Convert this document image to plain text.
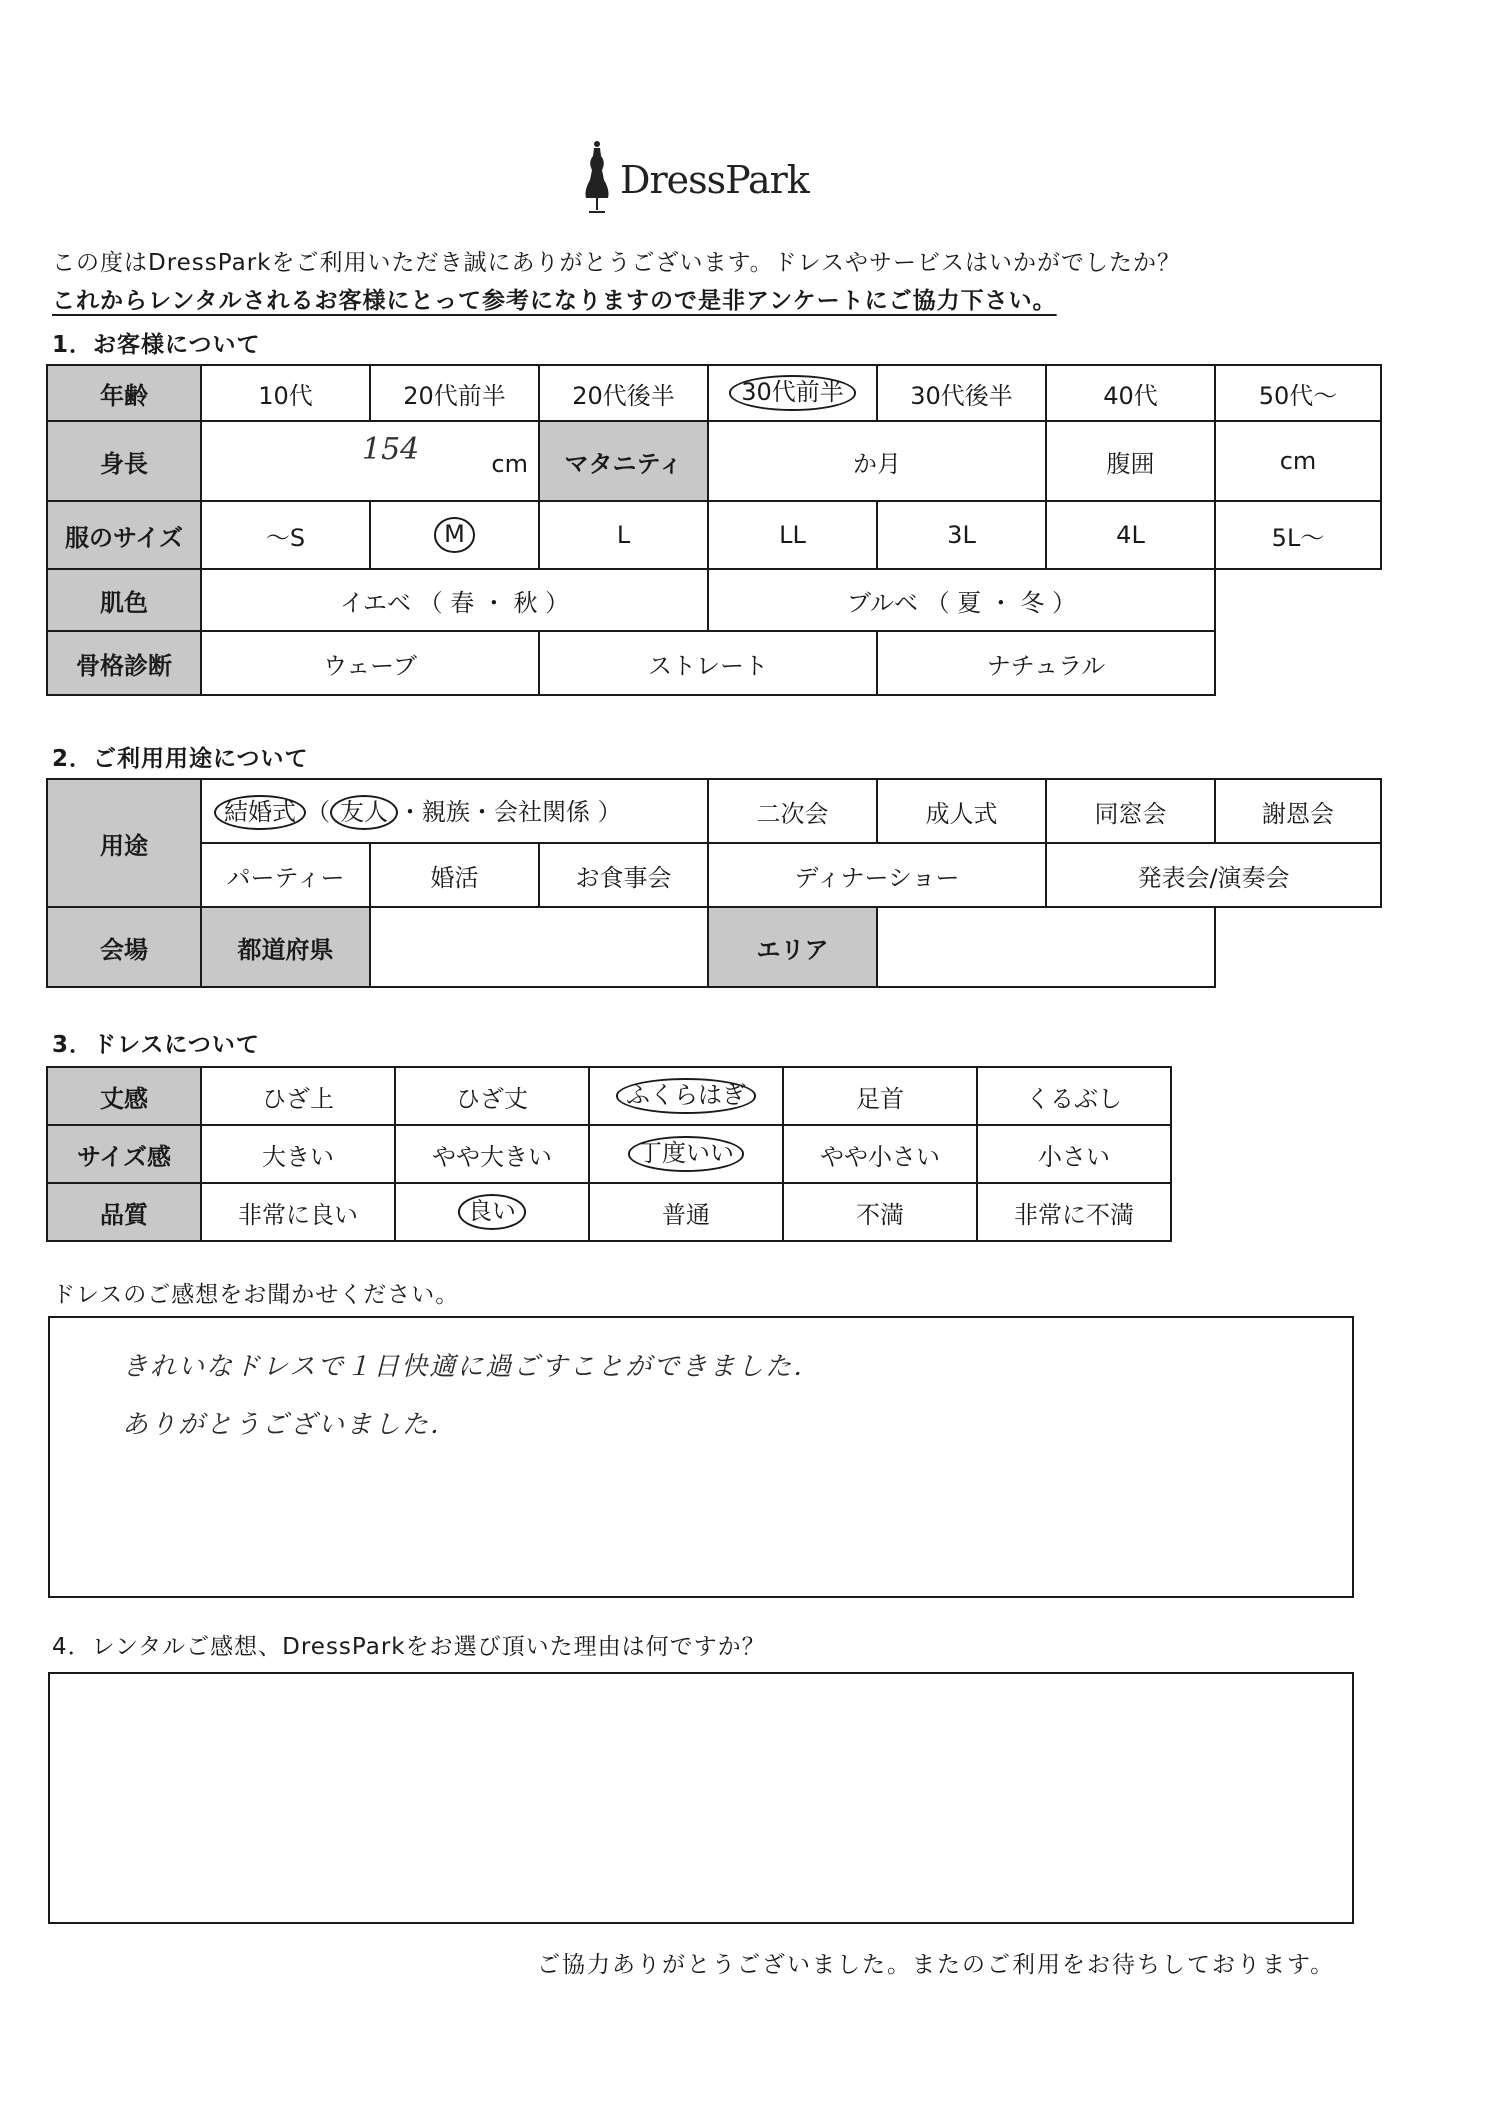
DressPark
この度はDressParkをご利用いただき誠にありがとうございます。ドレスやサービスはいかがでしたか？
これからレンタルされるお客様にとって参考になりますので是非アンケートにご協力下さい。
1．お客様について
年齢	10代	20代前半	20代後半	30代前半	30代後半	40代	50代～
身長	154 cm		マタニティ	か月		腹囲	cm
服のサイズ	～S	M	L	LL	3L	4L	5L～
肌色	イエベ （ 春 ・ 秋 ）			ブルベ （ 夏 ・ 冬 ）			
骨格診断	ウェーブ		ストレート		ナチュラル		
2．ご利用用途について
用途	結婚式 （ 友人 ・親族・会社関係 ）			二次会	成人式	同窓会	謝恩会
	パーティー	婚活	お食事会	ディナーショー		発表会/演奏会	
会場	都道府県			エリア			
3．ドレスについて
丈感	ひざ上	ひざ丈	ふくらはぎ	足首	くるぶし
サイズ感	大きい	やや大きい	丁度いい	やや小さい	小さい
品質	非常に良い	良い	普通	不満	非常に不満
ドレスのご感想をお聞かせください。
きれいなドレスで１日快適に過ごすことができました．
ありがとうございました．
4．レンタルご感想、DressParkをお選び頂いた理由は何ですか？
ご協力ありがとうございました。またのご利用をお待ちしております。
